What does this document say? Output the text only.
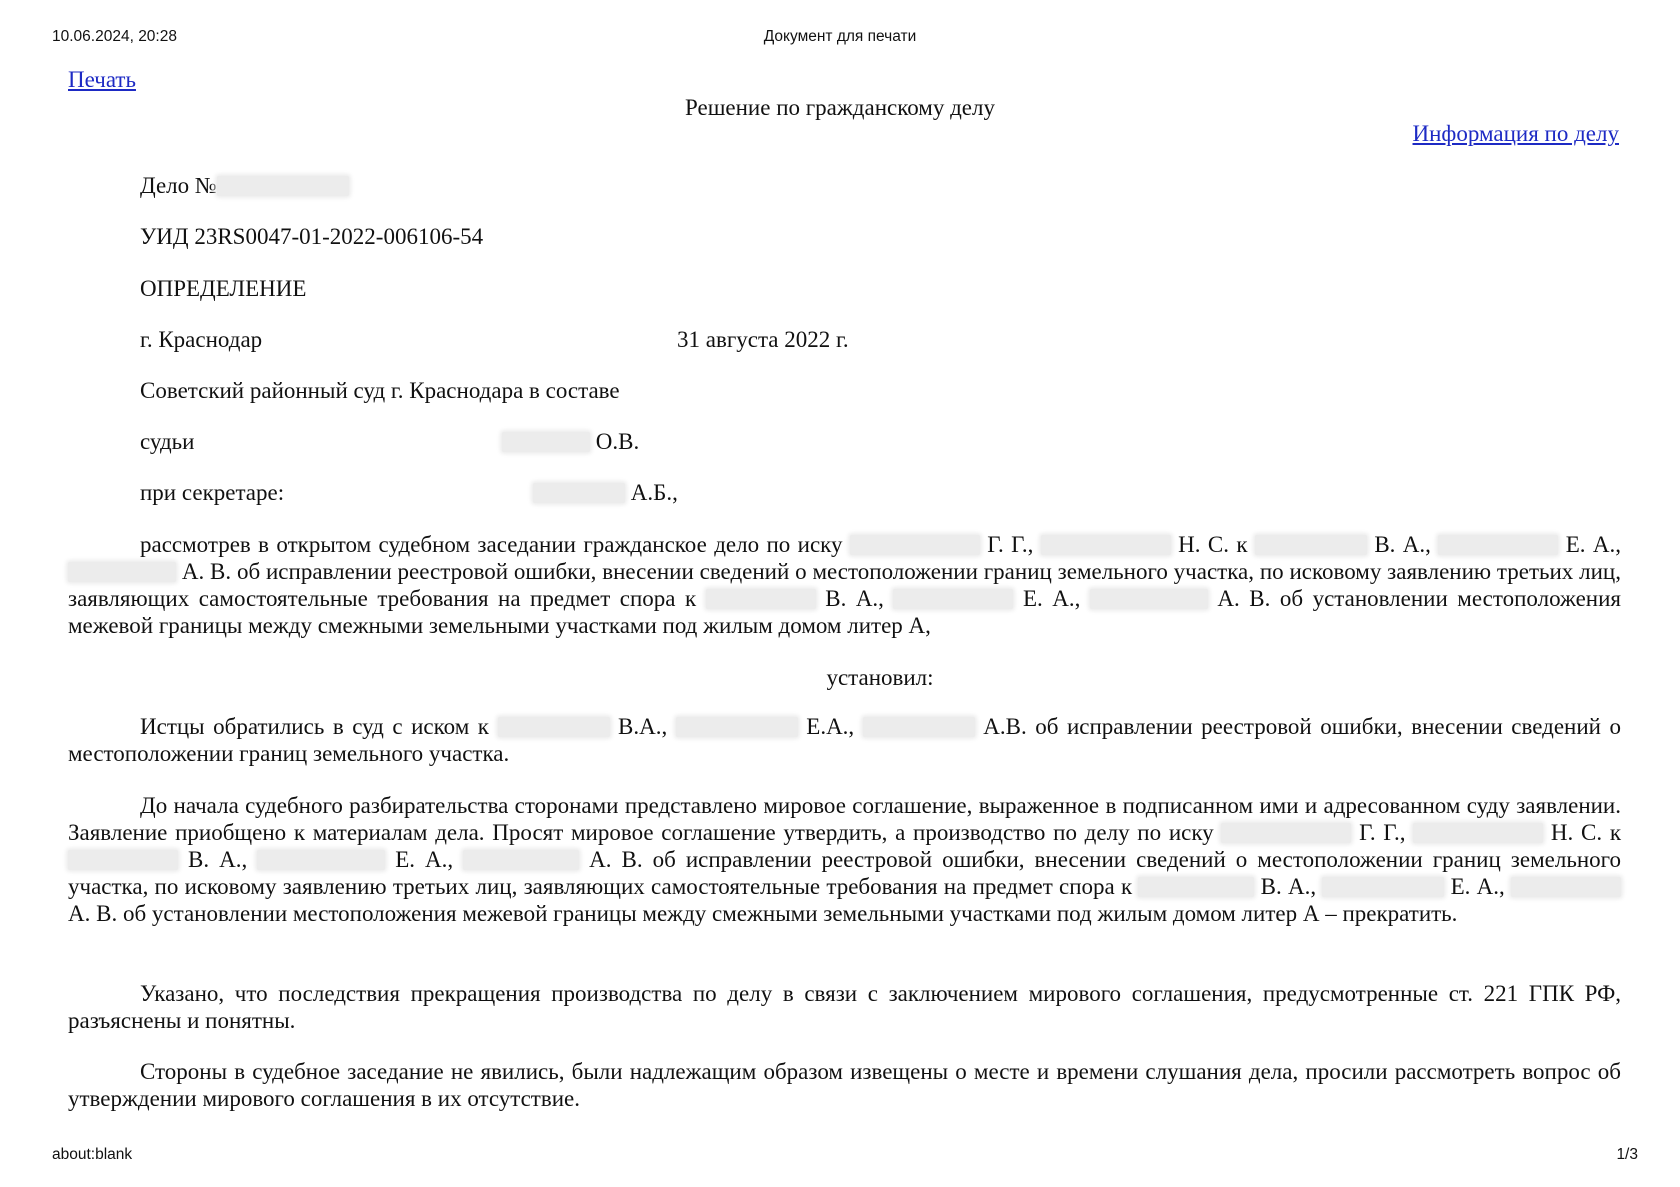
10.06.2024, 20:28	Документ для печати
Печать
Решение по гражданскому делу
Информация по делу
Дело №
УИД 23RS0047-01-2022-006106-54
ОПРЕДЕЛЕНИЕ
г. Краснодар	31 августа 2022 г.
Советский районный суд г. Краснодара в составе
судьи	О.В.
при секретаре:	А.Б.,
рассмотрев в открытом судебном заседании гражданское дело по иску	Г. Г.,	Н. С. к	В. А.,	Е. А.,  А. В. об исправлении реестровой ошибки, внесении сведений о местоположении границ земельного участка, по исковому заявлению третьих лиц, заявляющих самостоятельные требования на предмет спора к	В. А.,	Е. А.,	А. В. об установлении местоположения межевой границы между смежными земельными участками под жилым домом литер А,
установил:
Истцы обратились в суд с иском к	В.А.,	Е.А.,	А.В. об исправлении реестровой ошибки, внесении сведений о местоположении границ земельного участка.
До начала судебного разбирательства сторонами представлено мировое соглашение, выраженное в подписанном ими и адресованном суду заявлении. Заявление приобщено к материалам дела. Просят мировое соглашение утвердить, а производство по делу по иску	Г. Г.,	Н. С. к  В. А.,	Е. А.,	А. В. об исправлении реестровой ошибки, внесении сведений о местоположении границ земельного участка, по исковому заявлению третьих лиц, заявляющих самостоятельные требования на предмет спора к	В. А.,	Е. А.,  А. В. об установлении местоположения межевой границы между смежными земельными участками под жилым домом литер А – прекратить.
Указано, что последствия прекращения производства по делу в связи с заключением мирового соглашения, предусмотренные ст. 221 ГПК РФ, разъяснены и понятны.
Стороны в судебное заседание не явились, были надлежащим образом извещены о месте и времени слушания дела, просили рассмотреть вопрос об утверждении мирового соглашения в их отсутствие.
about:blank	1/3
